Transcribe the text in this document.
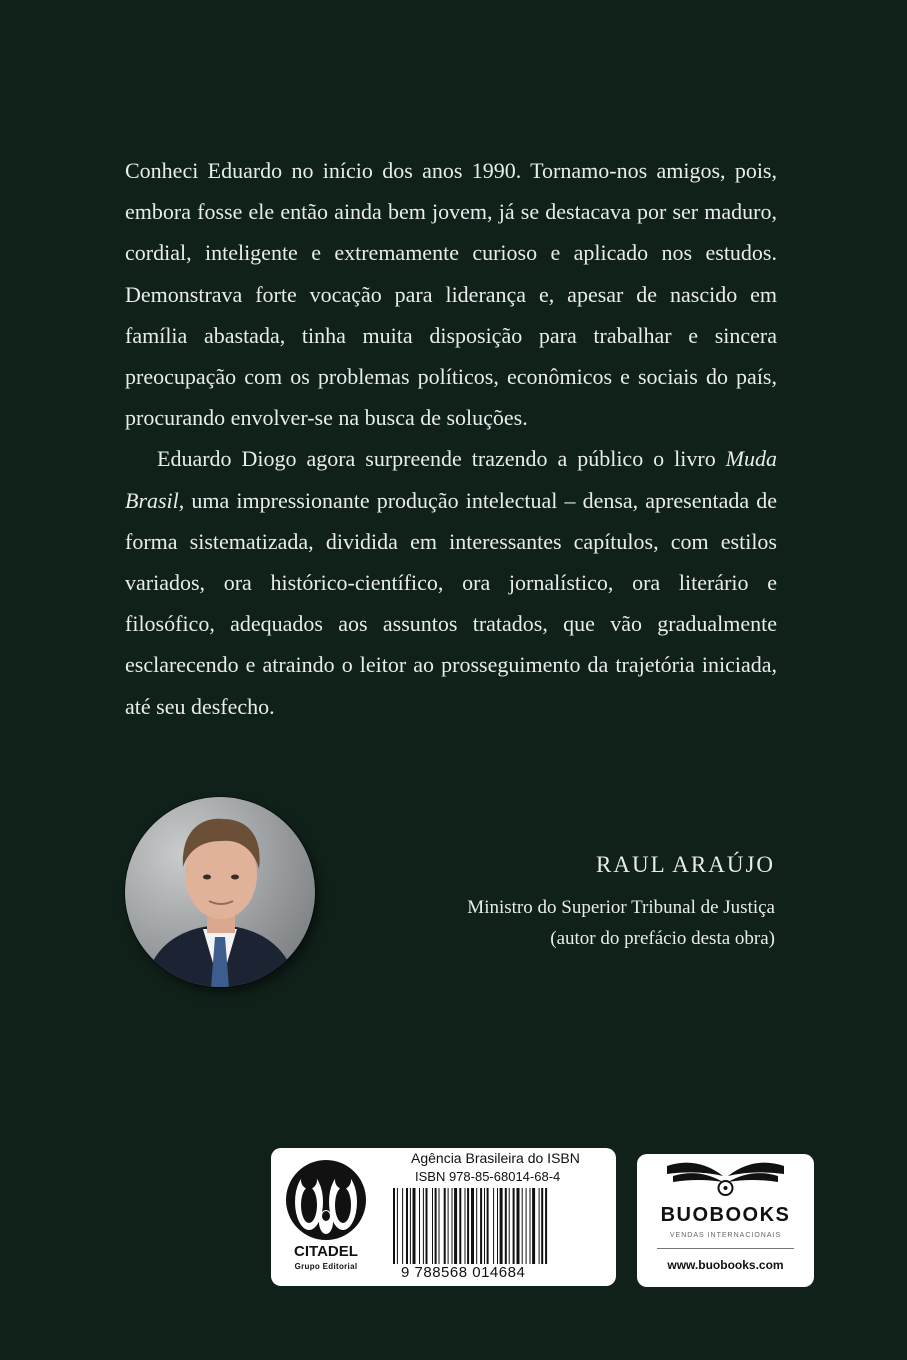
Conheci Eduardo no início dos anos 1990. Tornamo-nos amigos, pois, embora fosse ele então ainda bem jovem, já se destacava por ser maduro, cordial, inteligente e extremamente curioso e aplicado nos estudos. Demonstrava forte vocação para liderança e, apesar de nascido em família abastada, tinha muita disposição para trabalhar e sincera preocupação com os problemas políticos, econômicos e sociais do país, procurando envolver-se na busca de soluções.

Eduardo Diogo agora surpreende trazendo a público o livro Muda Brasil, uma impressionante produção intelectual – densa, apresentada de forma sistematizada, dividida em interessantes capítulos, com estilos variados, ora histórico-científico, ora jornalístico, ora literário e filosófico, adequados aos assuntos tratados, que vão gradualmente esclarecendo e atraindo o leitor ao prosseguimento da trajetória iniciada, até seu desfecho.

RAUL ARAÚJO
Ministro do Superior Tribunal de Justiça
(autor do prefácio desta obra)
CITADEL
Grupo Editorial
Agência Brasileira do ISBN
ISBN 978-85-68014-68-4
9 788568 014684
BUOBOOKS
VENDAS INTERNACIONAIS
www.buobooks.com
